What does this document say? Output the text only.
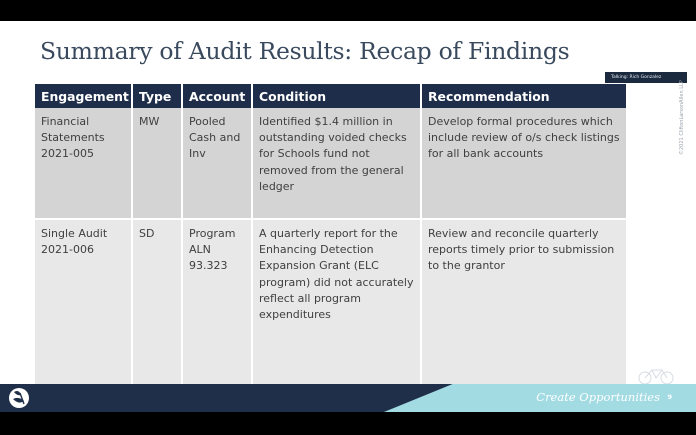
Summary of Audit Results: Recap of Findings
Talking: Rich Gonzalez
©2021 CliftonLarsonAllen LLP
Engagement	Type	Account	Condition	Recommendation
Financial Statements 2021-005	MW	Pooled Cash and Inv	Identified $1.4 million in outstanding voided checks for Schools fund not removed from the general ledger	Develop formal procedures which include review of o/s check listings for all bank accounts
Single Audit 2021-006	SD	Program ALN 93.323	A quarterly report for the Enhancing Detection Expansion Grant (ELC program) did not accurately reflect all program expenditures	Review and reconcile quarterly reports timely prior to submission to the grantor
Create Opportunities 9
